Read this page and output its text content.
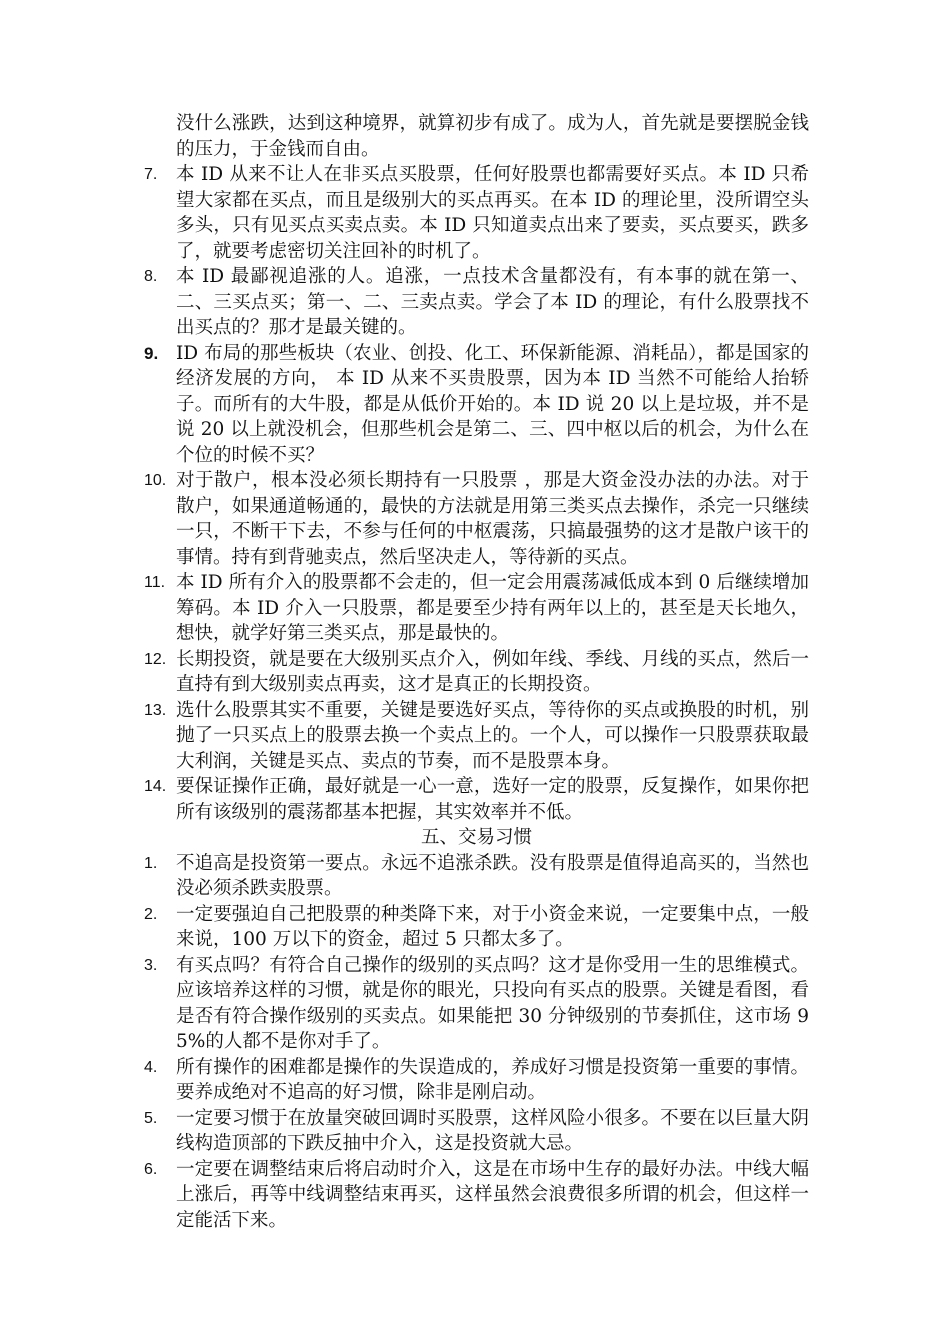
没什么涨跌，达到这种境界，就算初步有成了。成为人，首先就是要摆脱金钱的压力，于金钱而自由。
7.	本 ID 从来不让人在非买点买股票，任何好股票也都需要好买点。本 ID 只希望大家都在买点，而且是级别大的买点再买。在本 ID 的理论里，没所谓空头多头，只有见买点买卖点卖。本 ID 只知道卖点出来了要卖，买点要买，跌多了，就要考虑密切关注回补的时机了。
8.	本 ID 最鄙视追涨的人。追涨，一点技术含量都没有，有本事的就在第一、二、三买点买；第一、二、三卖点卖。学会了本 ID 的理论，有什么股票找不出买点的？那才是最关键的。
9. ID 布局的那些板块（农业、创投、化工、环保新能源、消耗品），都是国家的经济发展的方向， 本 ID 从来不买贵股票，因为本 ID 当然不可能给人抬轿子。而所有的大牛股，都是从低价开始的。本 ID 说 20 以上是垃圾，并不是说 20 以上就没机会，但那些机会是第二、三、四中枢以后的机会，为什么在个位的时候不买？
10. 对于散户，根本没必须长期持有一只股票 ，那是大资金没办法的办法。对于散户，如果通道畅通的，最快的方法就是用第三类买点去操作，杀完一只继续一只，不断干下去，不参与任何的中枢震荡，只搞最强势的这才是散户该干的事情。持有到背驰卖点，然后坚决走人，等待新的买点。
11. 本 ID 所有介入的股票都不会走的，但一定会用震荡减低成本到 0 后继续增加筹码。本 ID 介入一只股票，都是要至少持有两年以上的，甚至是天长地久，想快，就学好第三类买点，那是最快的。
12. 长期投资，就是要在大级别买点介入，例如年线、季线、月线的买点，然后一直持有到大级别卖点再卖，这才是真正的长期投资。
13. 选什么股票其实不重要，关键是要选好买点，等待你的买点或换股的时机，别抛了一只买点上的股票去换一个卖点上的。一个人，可以操作一只股票获取最大利润，关键是买点、卖点的节奏，而不是股票本身。
14. 要保证操作正确，最好就是一心一意，选好一定的股票，反复操作，如果你把所有该级别的震荡都基本把握，其实效率并不低。
五、交易习惯
1.	不追高是投资第一要点。永远不追涨杀跌。没有股票是值得追高买的，当然也没必须杀跌卖股票。
2.	一定要强迫自己把股票的种类降下来，对于小资金来说，一定要集中点，一般来说，100 万以下的资金，超过 5 只都太多了。
3.	有买点吗？有符合自己操作的级别的买点吗？这才是你受用一生的思维模式。应该培养这样的习惯，就是你的眼光，只投向有买点的股票。关键是看图，看是否有符合操作级别的买卖点。如果能把 30 分钟级别的节奏抓住，这市场 95%的人都不是你对手了。
4.	所有操作的困难都是操作的失误造成的，养成好习惯是投资第一重要的事情。要养成绝对不追高的好习惯，除非是刚启动。
5.	一定要习惯于在放量突破回调时买股票，这样风险小很多。不要在以巨量大阴线构造顶部的下跌反抽中介入，这是投资就大忌。
6.	一定要在调整结束后将启动时介入，这是在市场中生存的最好办法。中线大幅上涨后，再等中线调整结束再买，这样虽然会浪费很多所谓的机会，但这样一定能活下来。
